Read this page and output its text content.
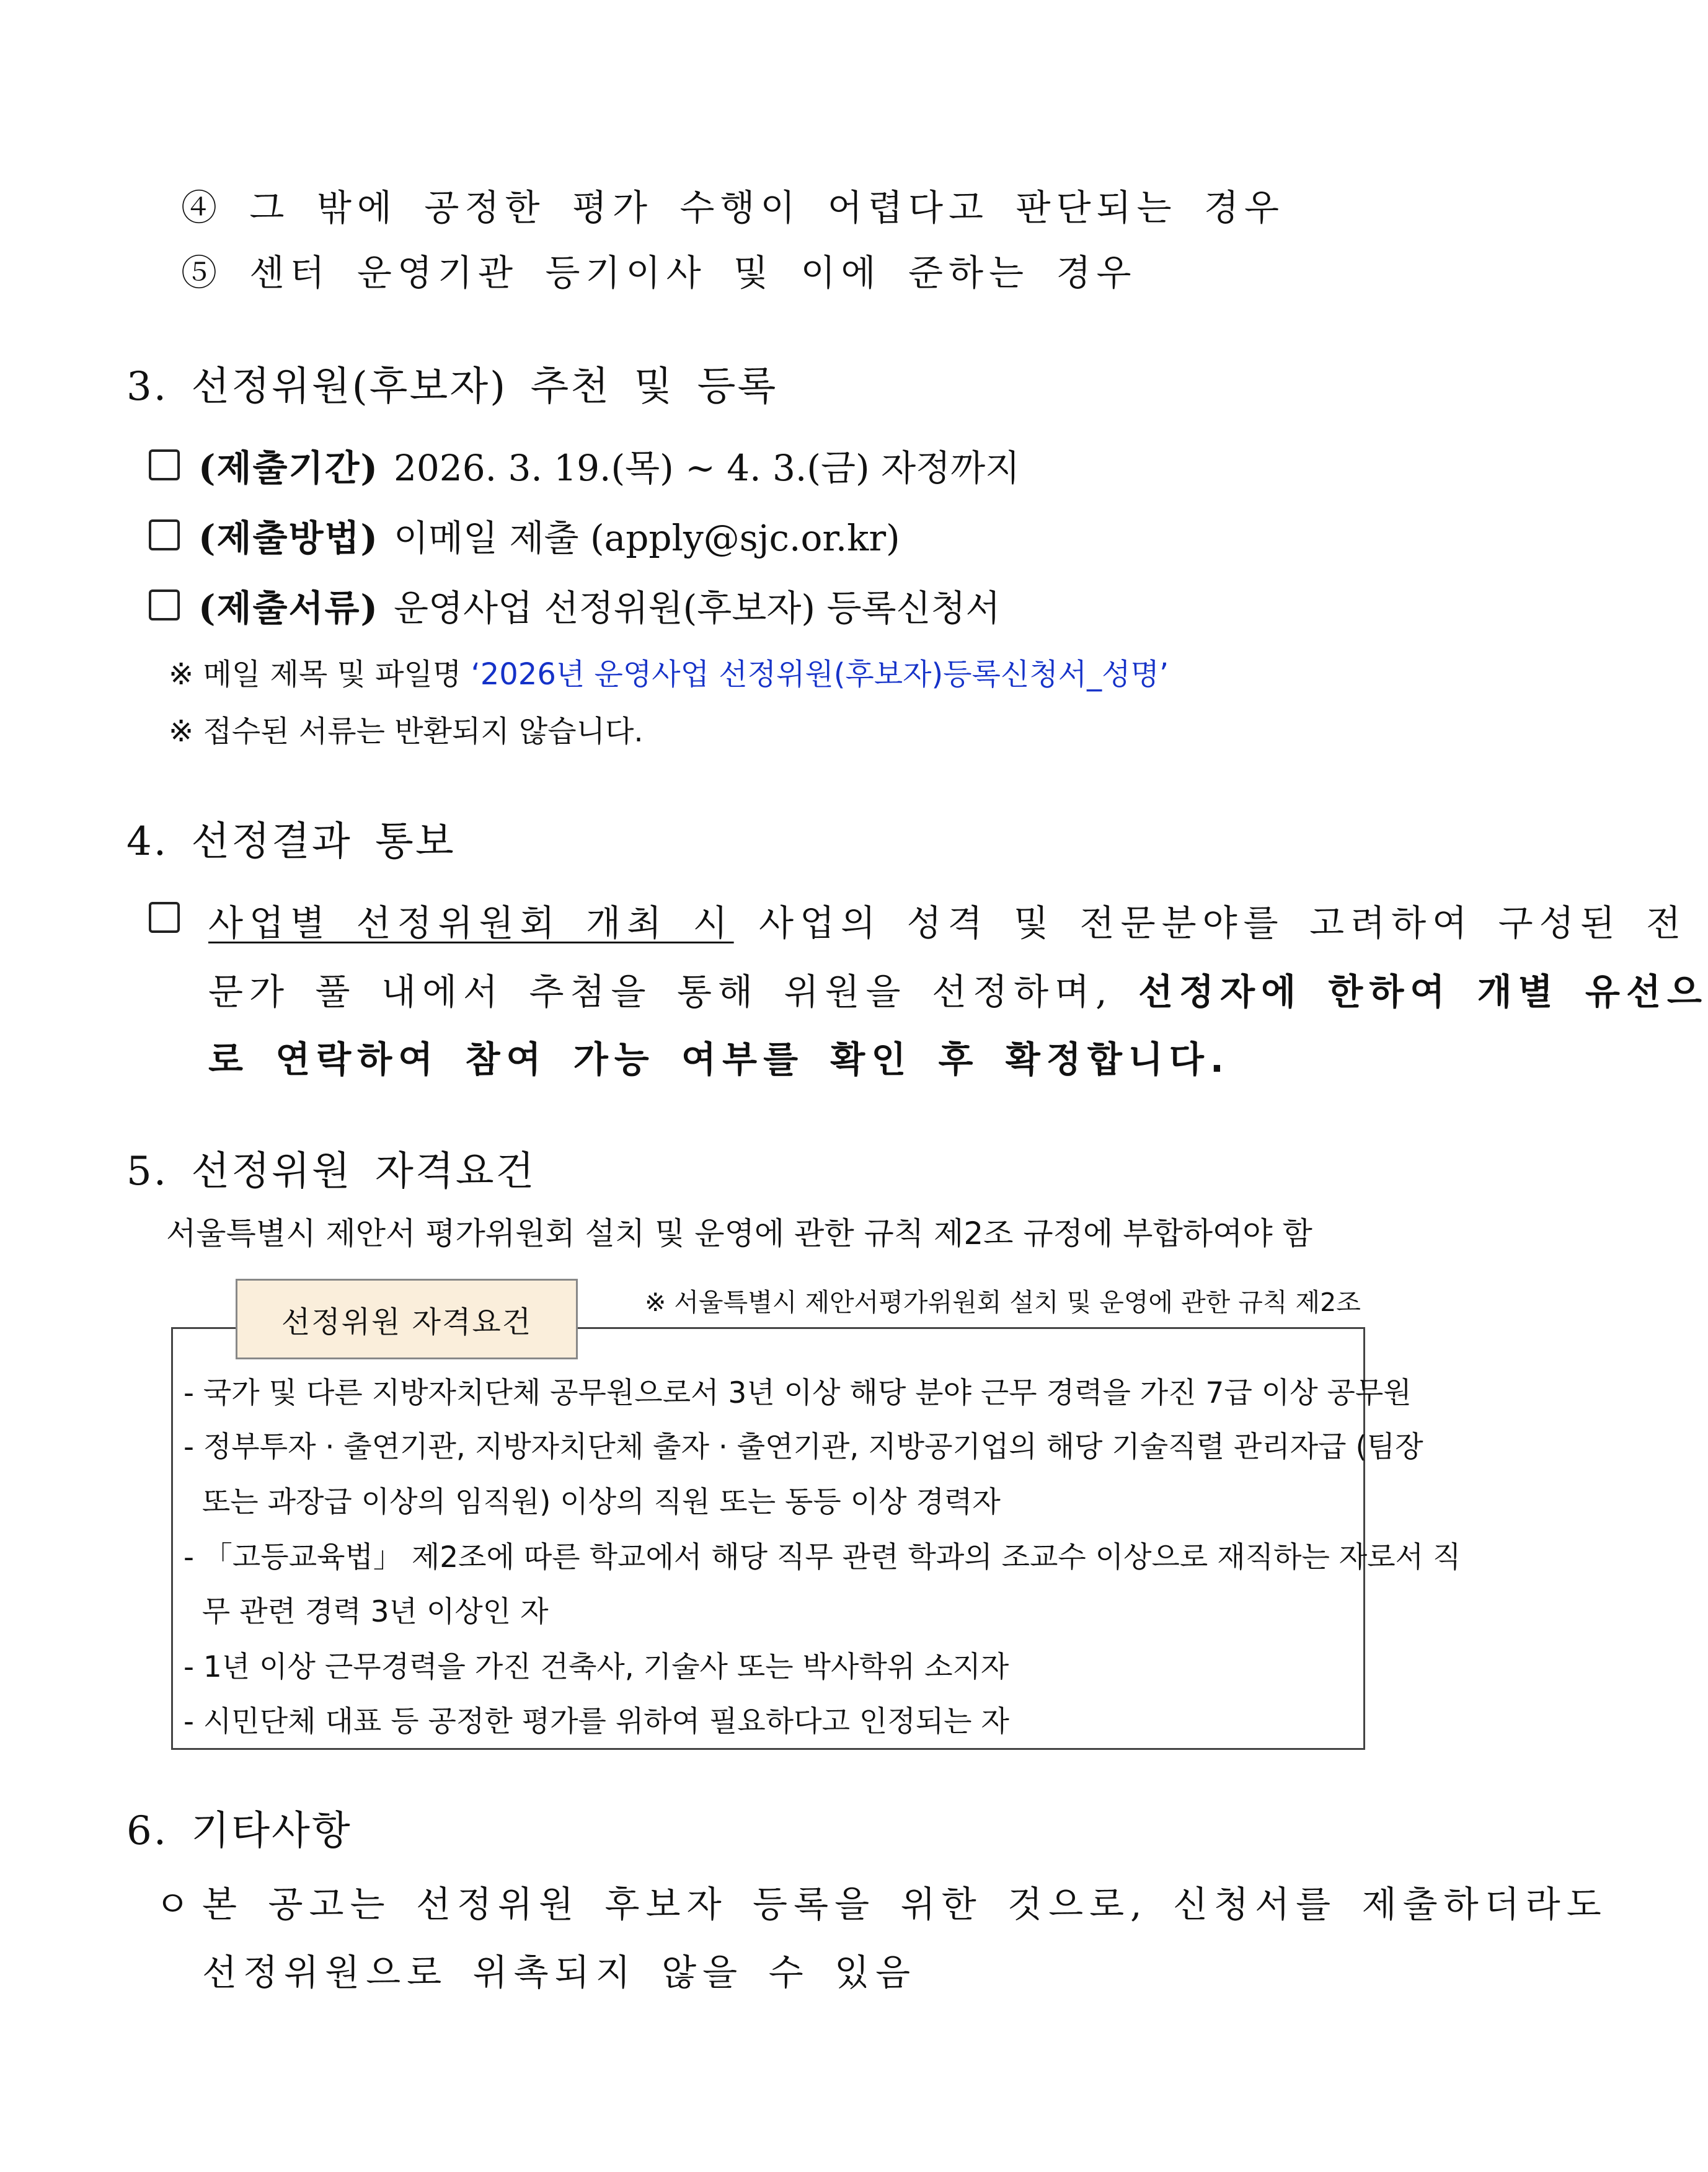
④ 그 밖에 공정한 평가 수행이 어렵다고 판단되는 경우
⑤ 센터 운영기관 등기이사 및 이에 준하는 경우
3. 선정위원(후보자) 추천 및 등록
(제출기간) 2026. 3. 19.(목) ~ 4. 3.(금) 자정까지
(제출방법) 이메일 제출 (apply@sjc.or.kr)
(제출서류) 운영사업 선정위원(후보자) 등록신청서
※ 메일 제목 및 파일명 ‘2026년 운영사업 선정위원(후보자)등록신청서_성명’
※ 접수된 서류는 반환되지 않습니다.
4. 선정결과 통보
사업별 선정위원회 개최 시 사업의 성격 및 전문분야를 고려하여 구성된 전
문가 풀 내에서 추첨을 통해 위원을 선정하며, 선정자에 한하여 개별 유선으
로 연락하여 참여 가능 여부를 확인 후 확정합니다.
5. 선정위원 자격요건
서울특별시 제안서 평가위원회 설치 및 운영에 관한 규칙 제2조 규정에 부합하여야 함
※ 서울특별시 제안서평가위원회 설치 및 운영에 관한 규칙 제2조
선정위원 자격요건
- 국가 및 다른 지방자치단체 공무원으로서 3년 이상 해당 분야 근무 경력을 가진 7급 이상 공무원
- 정부투자 · 출연기관, 지방자치단체 출자 · 출연기관, 지방공기업의 해당 기술직렬 관리자급 (팀장
또는 과장급 이상의 임직원) 이상의 직원 또는 동등 이상 경력자
- 「고등교육법」 제2조에 따른 학교에서 해당 직무 관련 학과의 조교수 이상으로 재직하는 자로서 직
무 관련 경력 3년 이상인 자
- 1년 이상 근무경력을 가진 건축사, 기술사 또는 박사학위 소지자
- 시민단체 대표 등 공정한 평가를 위하여 필요하다고 인정되는 자
6. 기타사항
ㅇ 본 공고는 선정위원 후보자 등록을 위한 것으로, 신청서를 제출하더라도
선정위원으로 위촉되지 않을 수 있음
